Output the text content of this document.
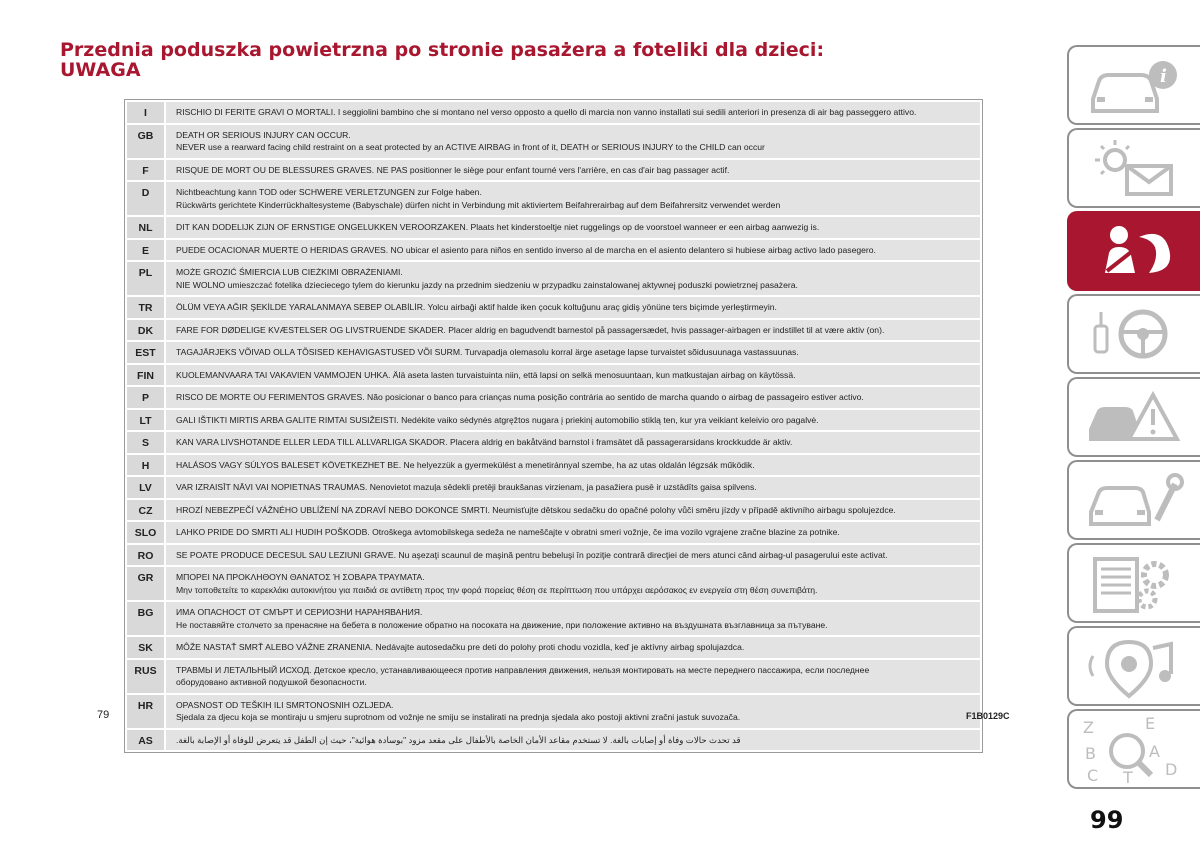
Przednia poduszka powietrzna po stronie pasażera a foteliki dla dzieci:
UWAGA
I	RISCHIO DI FERITE GRAVI O MORTALI. I seggiolini bambino che si montano nel verso opposto a quello di marcia non vanno installati sui sedili anteriori in presenza di air bag passeggero attivo.
GB	DEATH OR SERIOUS INJURY CAN OCCUR.
NEVER use a rearward facing child restraint on a seat protected by an ACTIVE AIRBAG in front of it, DEATH or SERIOUS INJURY to the CHILD can occur
F	RISQUE DE MORT OU DE BLESSURES GRAVES. NE PAS positionner le siège pour enfant tourné vers l'arrière, en cas d'air bag passager actif.
D	Nichtbeachtung kann TOD oder SCHWERE VERLETZUNGEN zur Folge haben.
Rückwärts gerichtete Kinderrückhaltesysteme (Babyschale) dürfen nicht in Verbindung mit aktiviertem Beifahrerairbag auf dem Beifahrersitz verwendet werden
NL	DIT KAN DODELIJK ZIJN OF ERNSTIGE ONGELUKKEN VEROORZAKEN. Plaats het kinderstoeltje niet ruggelings op de voorstoel wanneer er een airbag aanwezig is.
E	PUEDE OCACIONAR MUERTE O HERIDAS GRAVES. NO ubicar el asiento para niños en sentido inverso al de marcha en el asiento delantero si hubiese airbag activo lado pasegero.
PL	MOŻE GROZIĆ ŚMIERCIA LUB CIEŻKIMI OBRAŻENIAMI.
NIE WOLNO umieszczać fotelika dzieciecego tylem do kierunku jazdy na przednim siedzeniu w przypadku zainstalowanej aktywnej poduszki powietrznej pasażera.
TR	ÖLÜM VEYA AĞIR ŞEKİLDE YARALANMAYA SEBEP OLABİLİR. Yolcu airbaği aktif halde iken çocuk koltuğunu araç gidiş yönüne ters biçimde yerleştirmeyin.
DK	FARE FOR DØDELIGE KVÆSTELSER OG LIVSTRUENDE SKADER. Placer aldrig en bagudvendt barnestol på passagersædet, hvis passager-airbagen er indstillet til at være aktiv (on).
EST	TAGAJÄRJEKS VÕIVAD OLLA TÕSISED KEHAVIGASTUSED VÕI SURM. Turvapadja olemasolu korral ärge asetage lapse turvaistet sõidusuunaga vastassuunas.
FIN	KUOLEMANVAARA TAI VAKAVIEN VAMMOJEN UHKA. Älä aseta lasten turvaistuinta niin, että lapsi on selkä menosuuntaan, kun matkustajan airbag on käytössä.
P	RISCO DE MORTE OU FERIMENTOS GRAVES. Não posicionar o banco para crianças numa posição contrária ao sentido de marcha quando o airbag de passageiro estiver activo.
LT	GALI IŠTIKTI MIRTIS ARBA GALITE RIMTAI SUSIŽEISTI. Nedėkite vaiko sėdynės atgręžtos nugara į priekinį automobilio stiklą ten, kur yra veikiant keleivio oro pagalvė.
S	KAN VARA LIVSHOTANDE ELLER LEDA TILL ALLVARLIGA SKADOR. Placera aldrig en bakåtvänd barnstol i framsätet då passagerarsidans krockkudde är aktiv.
H	HALÁSOS VAGY SÚLYOS BALESET KÖVETKEZHET BE. Ne helyezzük a gyermekülést a menetiránnyal szembe, ha az utas oldalán légzsák működik.
LV	VAR IZRAISĪT NĀVI VAI NOPIETNAS TRAUMAS. Nenovietot mazuļa sēdekli pretēji braukšanas virzienam, ja pasažiera pusē ir uzstādīts gaisa spilvens.
CZ	HROZÍ NEBEZPEČÍ VÁŽNÉHO UBLÍŽENÍ NA ZDRAVÍ NEBO DOKONCE SMRTI. Neumisťujte dětskou sedačku do opačné polohy vůči směru jízdy v případě aktivního airbagu spolujezdce.
SLO	LAHKO PRIDE DO SMRTI ALI HUDIH POŠKODB. Otroškega avtomobilskega sedeža ne nameščajte v obratni smeri vožnje, če ima vozilo vgrajene zračne blazine za potnike.
RO	SE POATE PRODUCE DECESUL SAU LEZIUNI GRAVE. Nu aşezaţi scaunul de maşină pentru bebeluşi în poziţie contrară direcţiei de mers atunci când airbag-ul pasagerului este activat.
GR	ΜΠΟΡΕΙ ΝΑ ΠΡΟΚΛΗΘΟΥΝ ΘΑΝΑΤΟΣ Ή ΣΟΒΑΡΑ ΤΡΑΥΜΑΤΑ.
Μην τοποθετείτε το καρεκλάκι αυτοκινήτου για παιδιά σε αντίθετη προς την φορά πορείας θέση σε περίπτωση που υπάρχει αερόσακος εν ενεργεία στη θέση συνεπιβάτη.
BG	ИМА ОПАСНОСТ ОТ СМЪРТ И СЕРИОЗНИ НАРАНЯВАНИЯ.
Не поставяйте столчето за пренасяне на бебета в положение обратно на посоката на движение, при положение активно на въздушната възглавница за пътуване.
SK	MÔŽE NASTAŤ SMRŤ ALEBO VÁŽNE ZRANENIA. Nedávajte autosedačku pre deti do polohy proti chodu vozidla, keď je aktívny airbag spolujazdca.
RUS	ТРАВМЫ И ЛЕТАЛЬНЫЙ ИСХОД. Детское кресло, устанавливающееся против направления движения, нельзя монтировать на месте переднего пассажира, если последнее
оборудовано активной подушкой безопасности.
HR	OPASNOST OD TEŠKIH ILI SMRTONOSNIH OZLJEDA.
Sjedala za djecu koja se montiraju u smjeru suprotnom od vožnje ne smiju se instalirati na prednja sjedala ako postoji aktivni zračni jastuk suvozača.
AS	قد تحدث حالات وفاة أو إصابات بالغة. لا تستخدم مقاعد الأمان الخاصة بالأطفال على مقعد مزود "بوسادة هوائية"، حيث إن الطفل قد يتعرض للوفاة أو الإصابة بالغة.
79	F1B0129C
99
i
Z	E
B	A
C T D
